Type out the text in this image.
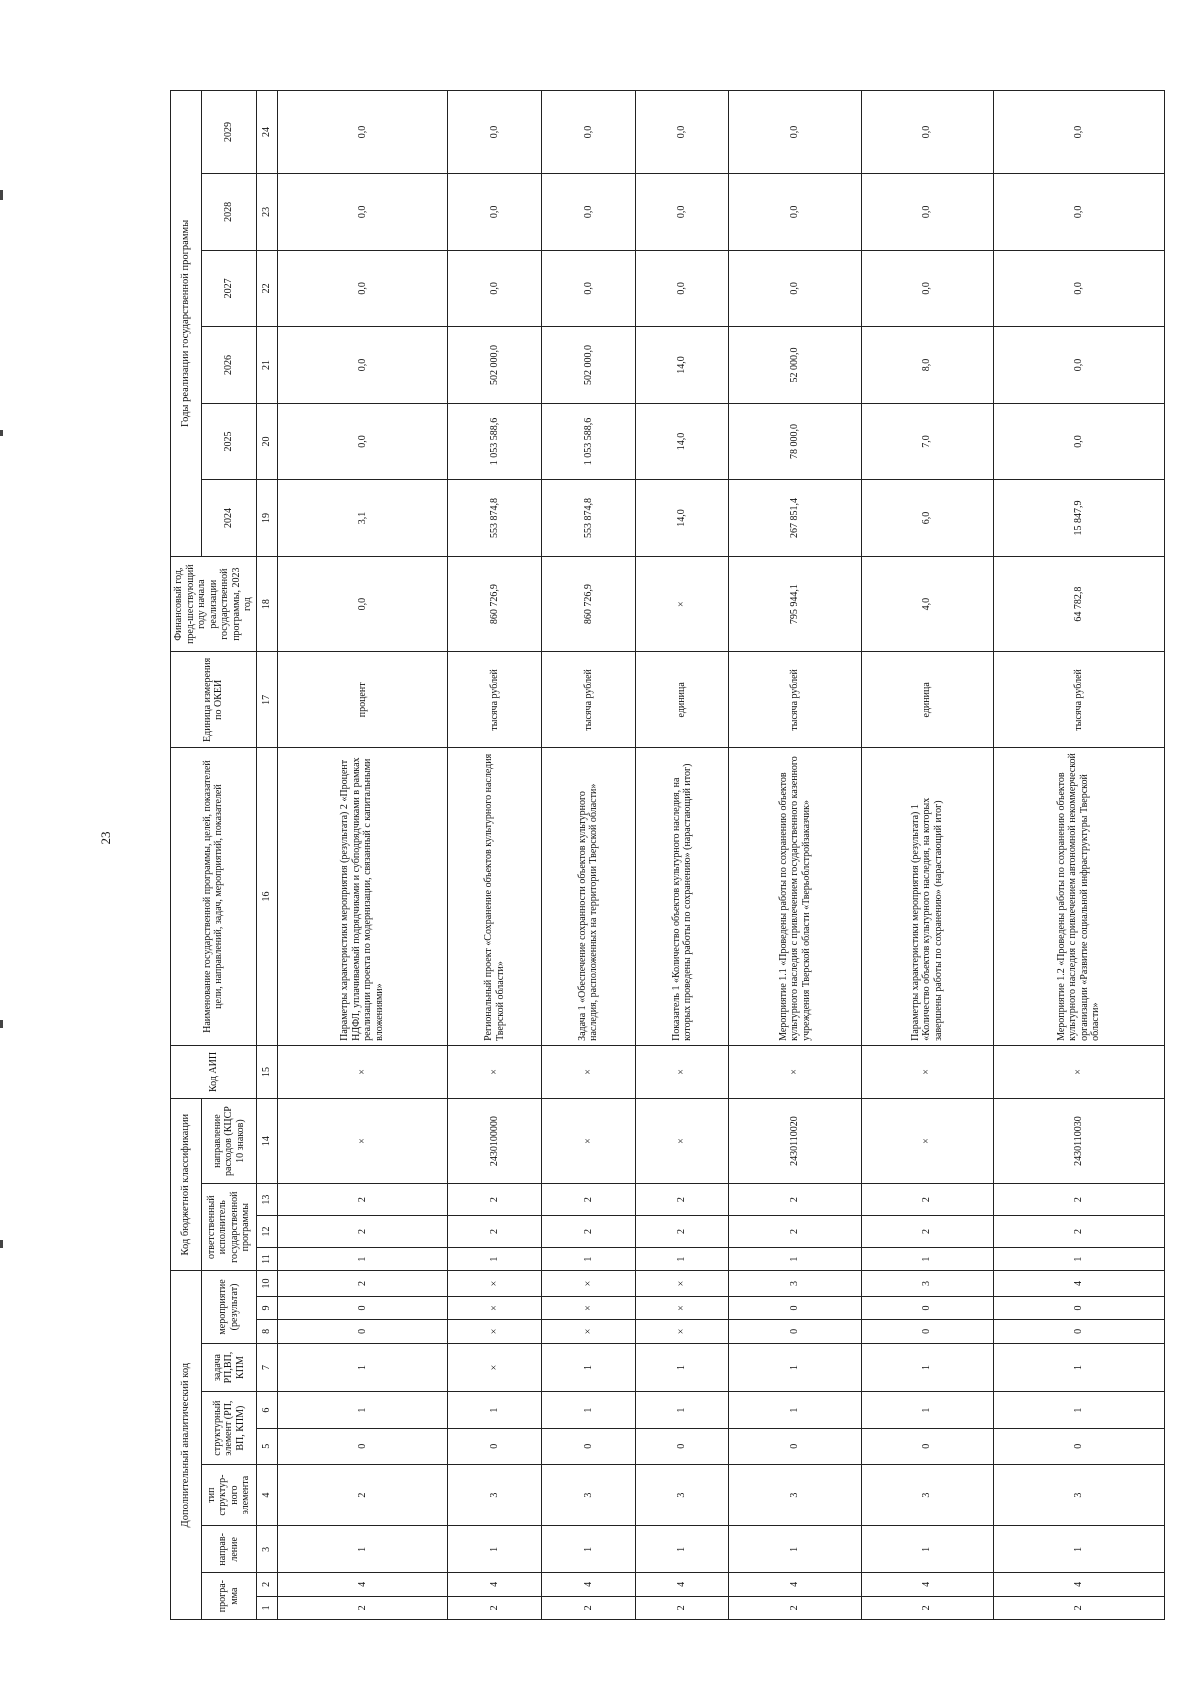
23
Дополнительный аналитический код										Код бюджетной классификации				Код АИП	Наименование государственной программы, целей, показателей цели, направлений, задач, мероприятий, показателей	Единица измерения по ОКЕИ	Финансовый год, пред-шествующий году начала реализации государственной программы, 2023 год	Годы реализации государственной программы					
програ-мма		направ-ление	тип структур-ного элемента	структурный элемент (РП, ВП, КПМ)		задача РП,ВП, КПМ	мероприятие (результат)			ответственный исполнитель государственной программы			направление расходов (КЦСР 10 знаков)					2024	2025	2026	2027	2028	2029

1	2	3	4	5	6	7	8	9	10	11	12	13	14	15	16	17	18	19	20	21	22	23	24
2	4	1	2	0	1	1	0	0	2	1	2	2	×	×	Параметры характеристики мероприятия (результата) 2 «Процент НДФЛ, уплачиваемый подрядчиками и субподрядчиками в рамках реализации проекта по модернизации, связанный с капитальными вложениями»	процент	0,0	3,1	0,0	0,0	0,0	0,0	0,0
2	4	1	3	0	1	×	×	×	×	1	2	2	2430100000	×	Региональный проект «Сохранение объектов культурного наследия Тверской области»	тысяча рублей	860 726,9	553 874,8	1 053 588,6	502 000,0	0,0	0,0	0,0
2	4	1	3	0	1	1	×	×	×	1	2	2	×	×	Задача 1 «Обеспечение сохранности объектов культурного наследия, расположенных на территории Тверской области»	тысяча рублей	860 726,9	553 874,8	1 053 588,6	502 000,0	0,0	0,0	0,0
2	4	1	3	0	1	1	×	×	×	1	2	2	×	×	Показатель 1 «Количество объектов культурного наследия, на которых проведены работы по сохранению» (нарастающий итог)	единица	×	14,0	14,0	14,0	0,0	0,0	0,0
2	4	1	3	0	1	1	0	0	3	1	2	2	2430110020	×	Мероприятие 1.1 «Проведены работы по сохранению объектов культурного наследия с привлечением государственного казенного учреждения Тверской области «Тверьоблстройзаказчик»	тысяча рублей	795 944,1	267 851,4	78 000,0	52 000,0	0,0	0,0	0,0
2	4	1	3	0	1	1	0	0	3	1	2	2	×	×	Параметры характеристики мероприятия (результата) 1 «Количество объектов культурного наследия, на которых завершены работы по сохранению» (нарастающий итог)	единица	4,0	6,0	7,0	8,0	0,0	0,0	0,0
2	4	1	3	0	1	1	0	0	4	1	2	2	2430110030	×	Мероприятие 1.2 «Проведены работы по сохранению объектов культурного наследия с привлечением автономной некоммерческой организации «Развитие социальной инфраструктуры Тверской области»	тысяча рублей	64 782,8	15 847,9	0,0	0,0	0,0	0,0	0,0
